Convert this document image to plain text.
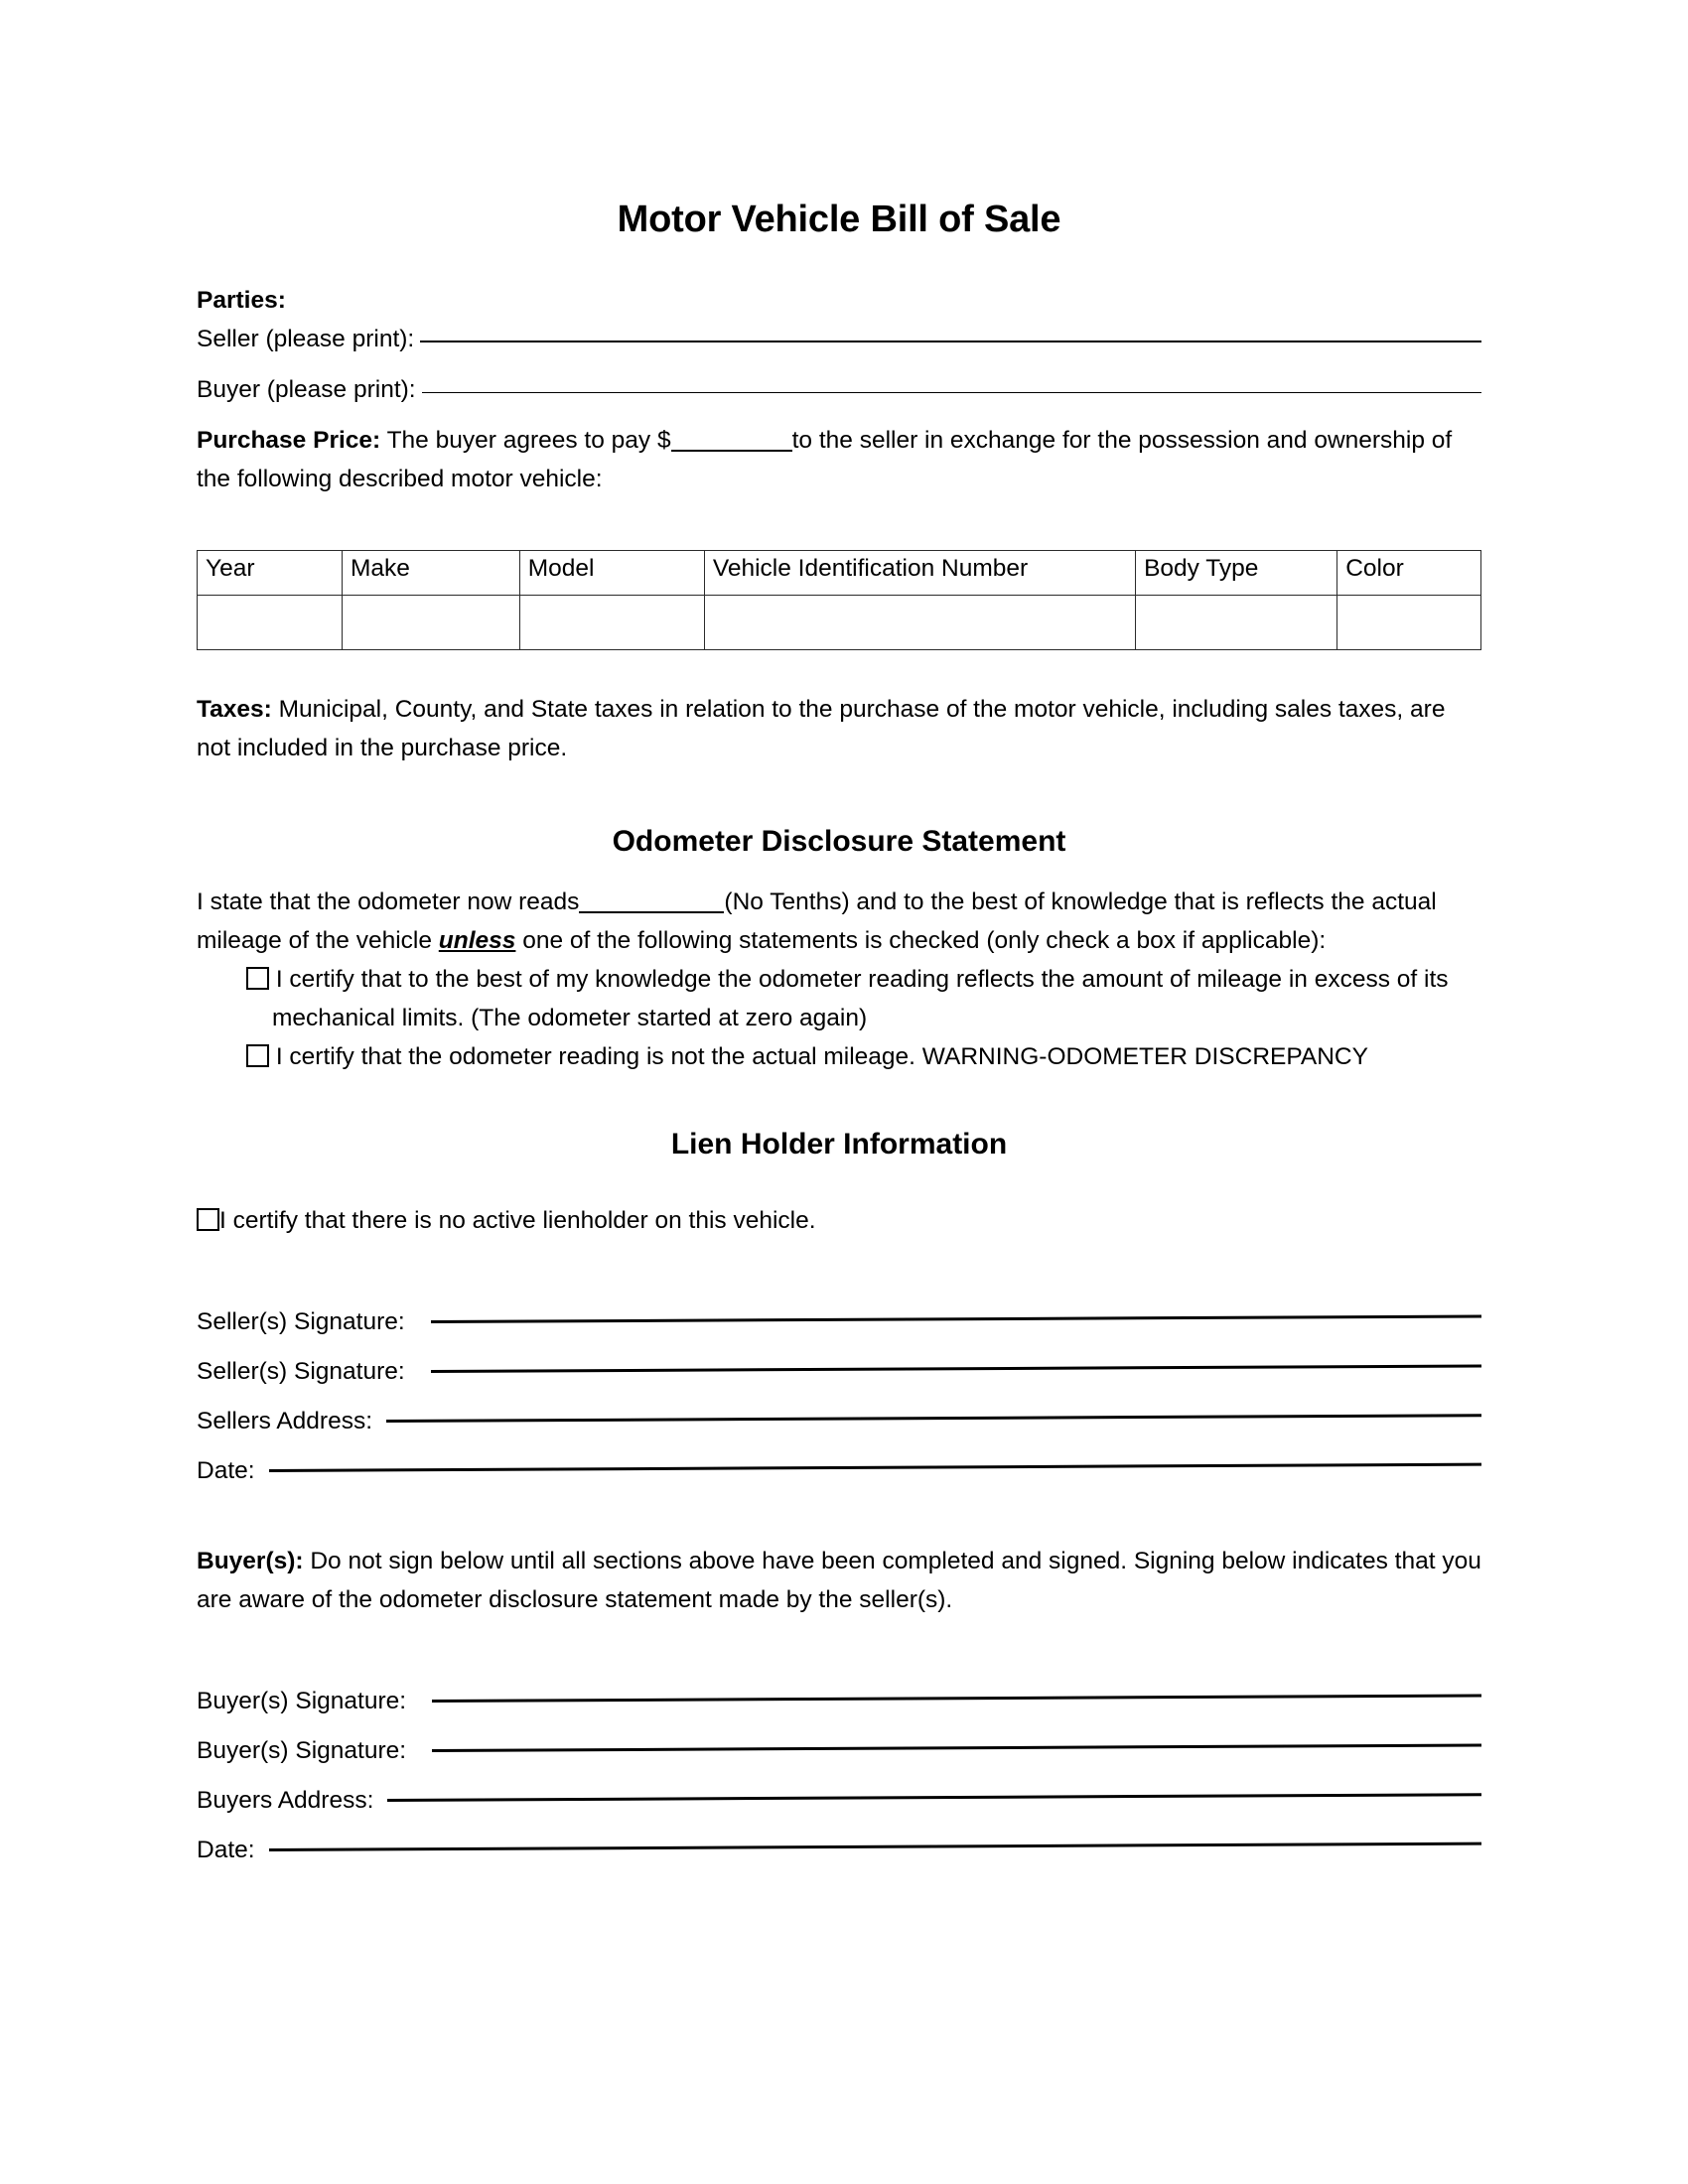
Motor Vehicle Bill of Sale
Parties:
Seller (please print):
Buyer (please print):

Purchase Price: The buyer agrees to pay $	to the seller in exchange for the possession and ownership of the following described motor vehicle:

Year	Make	Model	Vehicle Identification Number	Body Type	Color

Taxes: Municipal, County, and State taxes in relation to the purchase of the motor vehicle, including sales taxes, are not included in the purchase price.

Odometer Disclosure Statement

I state that the odometer now reads	(No Tenths) and to the best of knowledge that is reflects the actual mileage of the vehicle unless one of the following statements is checked (only check a box if applicable):

I certify that to the best of my knowledge the odometer reading reflects the amount of mileage in excess of its mechanical limits. (The odometer started at zero again)
I certify that the odometer reading is not the actual mileage. WARNING-ODOMETER DISCREPANCY
Lien Holder Information
I certify that there is no active lienholder on this vehicle.
Seller(s) Signature:
Seller(s) Signature:
Sellers Address:
Date:

Buyer(s): Do not sign below until all sections above have been completed and signed. Signing below indicates that you are aware of the odometer disclosure statement made by the seller(s).

Buyer(s) Signature:
Buyer(s) Signature:
Buyers Address:
Date:
